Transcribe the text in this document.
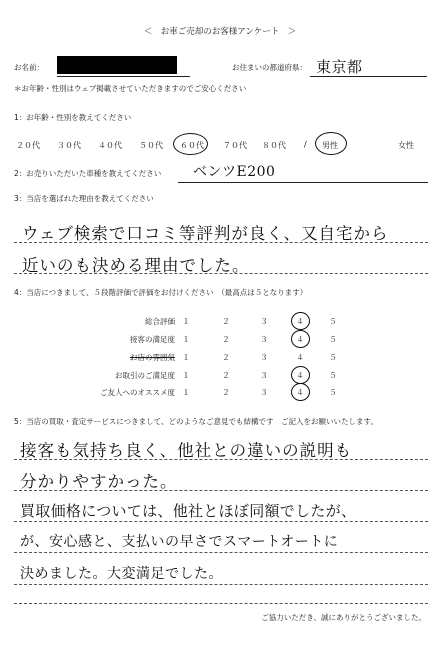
＜　お車ご売却のお客様アンケート　＞
お名前：	お住まいの都道府県： 東京都
＊お年齢・性別はウェブ掲載させていただきますのでご安心ください
1：お年齢・性別を教えてください
２０代 ３０代 ４０代 ５０代 ６０代 ７０代 ８０代 / 男性	女性
2：お売りいただいた車種を教えてください ベンツE200
3：当店を選ばれた理由を教えてください
ウェブ検索で口コミ等評判が良く、又自宅から
近いのも決める理由でした。
4：当店につきまして、５段階評価で評価をお付けください　（最高点は５となります）
総合評価 １	２	３	４	５
接客の満足度 １	２	３	４	５
お店の雰囲気 １	２	３	４	５
お取引のご満足度 １	２	３	４	５
ご友人へのオススメ度 １	２	３	４	５
5：当店の買取・査定サービスにつきまして、どのようなご意見でも結構です　ご記入をお願いいたします。
接客も気持ち良く、他社との違いの説明も
分かりやすかった。
買取価格については、他社とほぼ同額でしたが、
が、安心感と、支払いの早さでスマートオートに
決めました。大変満足でした。
ご協力いただき、誠にありがとうございました。
